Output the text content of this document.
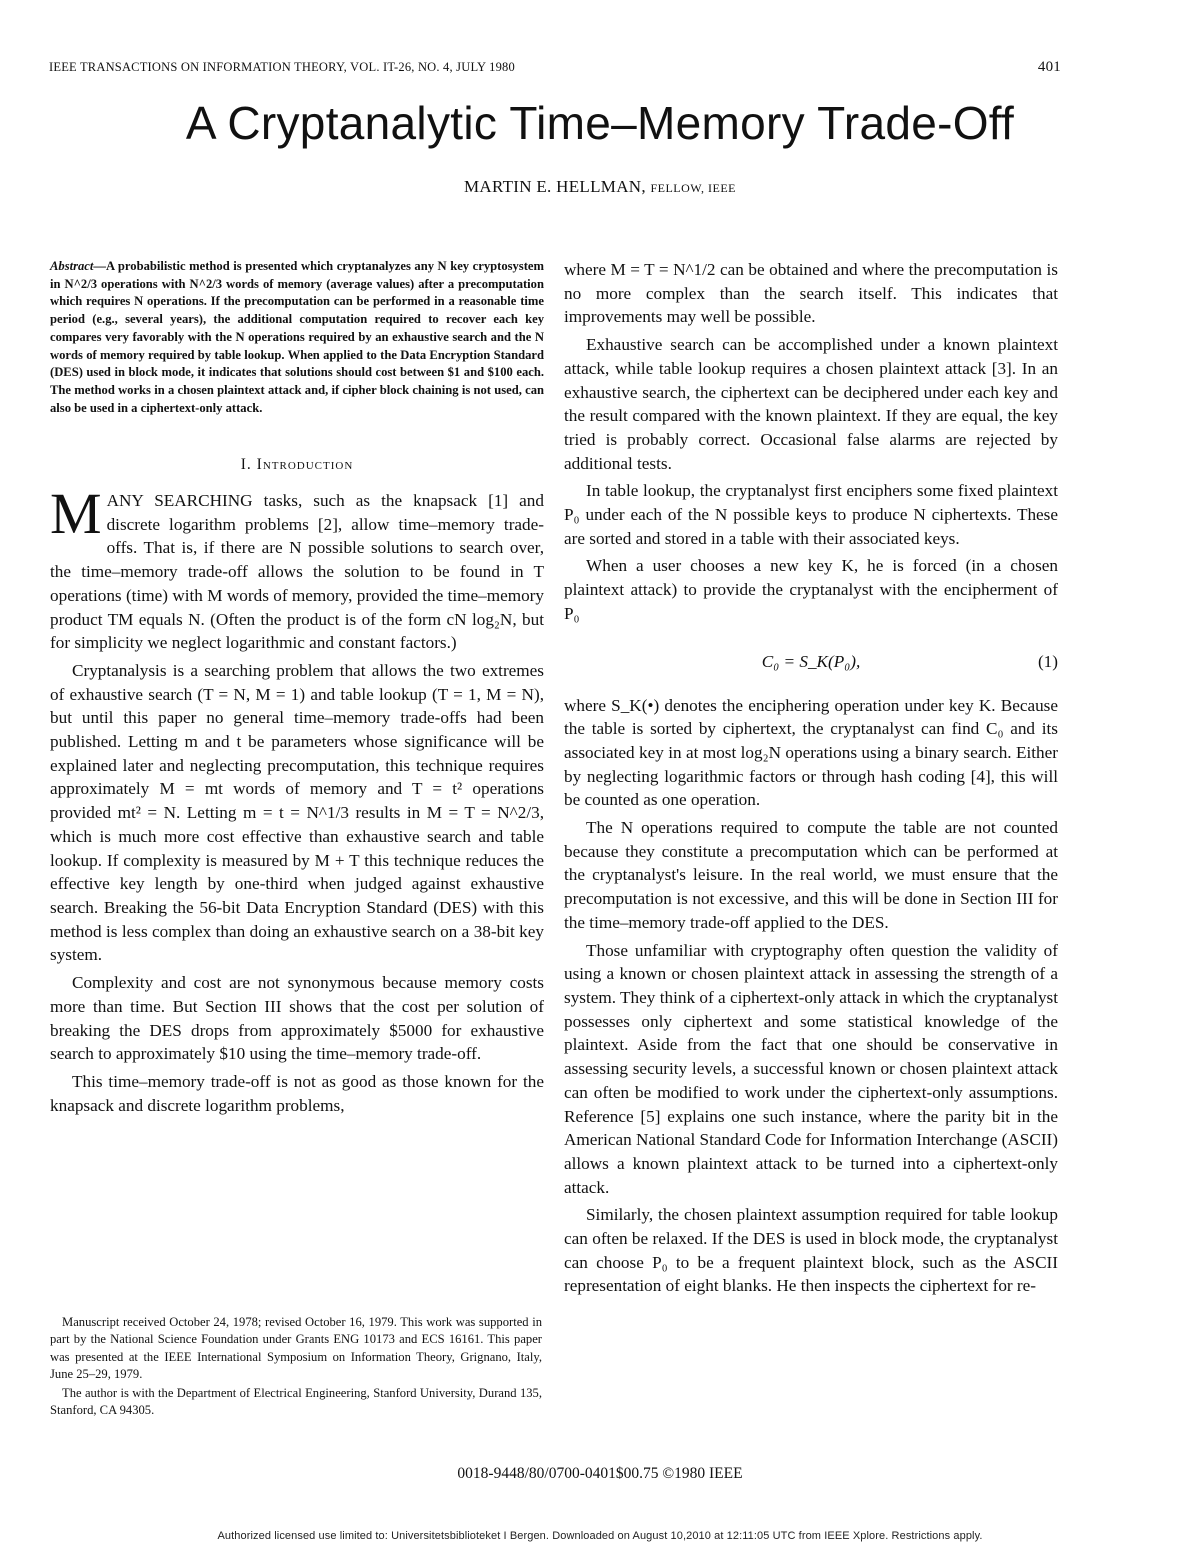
IEEE TRANSACTIONS ON INFORMATION THEORY, VOL. IT-26, NO. 4, JULY 1980	401
A Cryptanalytic Time–Memory Trade-Off
MARTIN E. HELLMAN, FELLOW, IEEE

Abstract—A probabilistic method is presented which cryptanalyzes any N key cryptosystem in N^2/3 operations with N^2/3 words of memory (average values) after a precomputation which requires N operations. If the precomputation can be performed in a reasonable time period (e.g., several years), the additional computation required to recover each key compares very favorably with the N operations required by an exhaustive search and the N words of memory required by table lookup. When applied to the Data Encryption Standard (DES) used in block mode, it indicates that solutions should cost between $1 and $100 each. The method works in a chosen plaintext attack and, if cipher block chaining is not used, can also be used in a ciphertext-only attack.

I. Introduction

MANY SEARCHING tasks, such as the knapsack [1] and discrete logarithm problems [2], allow time–memory trade-offs. That is, if there are N possible solutions to search over, the time–memory trade-off allows the solution to be found in T operations (time) with M words of memory, provided the time–memory product TM equals N. (Often the product is of the form cN log₂N, but for simplicity we neglect logarithmic and constant factors.)

Cryptanalysis is a searching problem that allows the two extremes of exhaustive search (T = N, M = 1) and table lookup (T = 1, M = N), but until this paper no general time–memory trade-offs had been published. Letting m and t be parameters whose significance will be explained later and neglecting precomputation, this technique requires approximately M = mt words of memory and T = t² operations provided mt² = N. Letting m = t = N^1/3 results in M = T = N^2/3, which is much more cost effective than exhaustive search and table lookup. If complexity is measured by M + T this technique reduces the effective key length by one-third when judged against exhaustive search. Breaking the 56-bit Data Encryption Standard (DES) with this method is less complex than doing an exhaustive search on a 38-bit key system.

Complexity and cost are not synonymous because memory costs more than time. But Section III shows that the cost per solution of breaking the DES drops from approximately $5000 for exhaustive search to approximately $10 using the time–memory trade-off.

This time–memory trade-off is not as good as those known for the knapsack and discrete logarithm problems,

Manuscript received October 24, 1978; revised October 16, 1979. This work was supported in part by the National Science Foundation under Grants ENG 10173 and ECS 16161. This paper was presented at the IEEE International Symposium on Information Theory, Grignano, Italy, June 25–29, 1979.

The author is with the Department of Electrical Engineering, Stanford University, Durand 135, Stanford, CA 94305.

where M = T = N^1/2 can be obtained and where the precomputation is no more complex than the search itself. This indicates that improvements may well be possible.

Exhaustive search can be accomplished under a known plaintext attack, while table lookup requires a chosen plaintext attack [3]. In an exhaustive search, the ciphertext can be deciphered under each key and the result compared with the known plaintext. If they are equal, the key tried is probably correct. Occasional false alarms are rejected by additional tests.

In table lookup, the cryptanalyst first enciphers some fixed plaintext P₀ under each of the N possible keys to produce N ciphertexts. These are sorted and stored in a table with their associated keys.

When a user chooses a new key K, he is forced (in a chosen plaintext attack) to provide the cryptanalyst with the encipherment of P₀

C₀ = S_K(P₀),	(1)

where S_K(•) denotes the enciphering operation under key K. Because the table is sorted by ciphertext, the cryptanalyst can find C₀ and its associated key in at most log₂N operations using a binary search. Either by neglecting logarithmic factors or through hash coding [4], this will be counted as one operation.

The N operations required to compute the table are not counted because they constitute a precomputation which can be performed at the cryptanalyst's leisure. In the real world, we must ensure that the precomputation is not excessive, and this will be done in Section III for the time–memory trade-off applied to the DES.

Those unfamiliar with cryptography often question the validity of using a known or chosen plaintext attack in assessing the strength of a system. They think of a ciphertext-only attack in which the cryptanalyst possesses only ciphertext and some statistical knowledge of the plaintext. Aside from the fact that one should be conservative in assessing security levels, a successful known or chosen plaintext attack can often be modified to work under the ciphertext-only assumptions. Reference [5] explains one such instance, where the parity bit in the American National Standard Code for Information Interchange (ASCII) allows a known plaintext attack to be turned into a ciphertext-only attack.

Similarly, the chosen plaintext assumption required for table lookup can often be relaxed. If the DES is used in block mode, the cryptanalyst can choose P₀ to be a frequent plaintext block, such as the ASCII representation of eight blanks. He then inspects the ciphertext for re-

0018-9448/80/0700-0401$00.75 ©1980 IEEE
Authorized licensed use limited to: Universitetsbiblioteket I Bergen. Downloaded on August 10,2010 at 12:11:05 UTC from IEEE Xplore. Restrictions apply.
